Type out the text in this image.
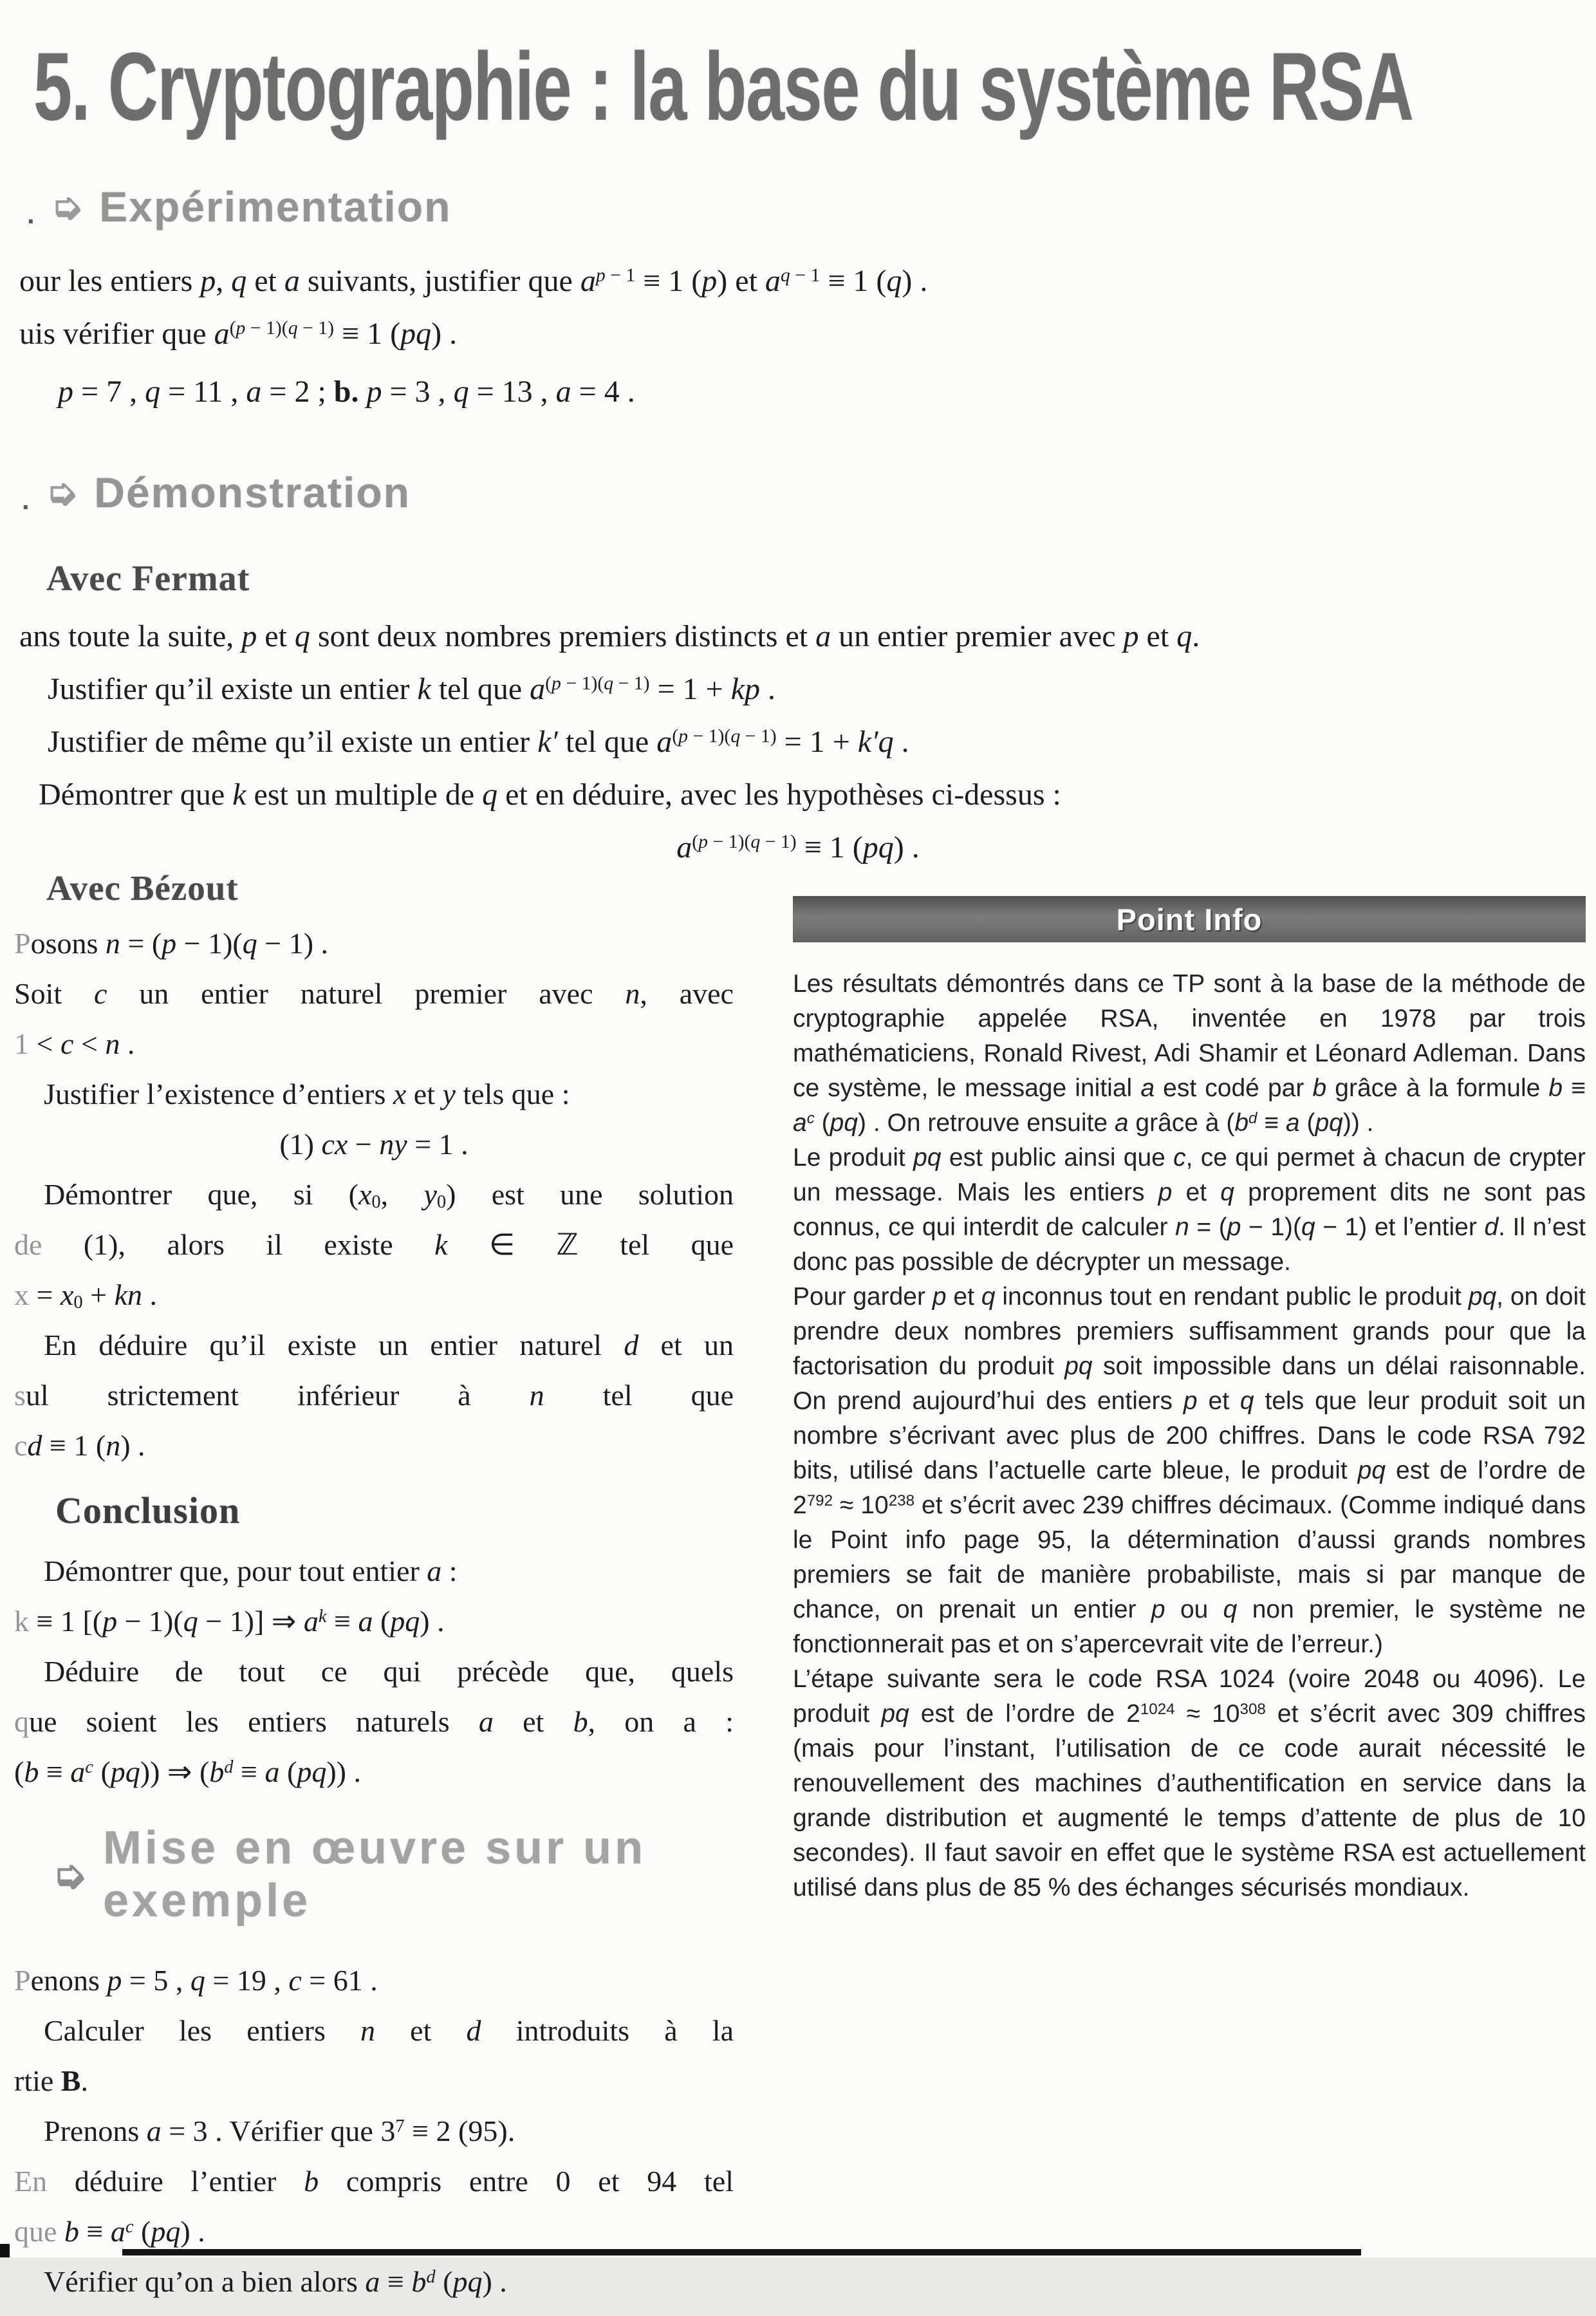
5. Cryptographie : la base du système RSA
. ➭ Expérimentation

our les entiers p, q et a suivants, justifier que $a^{p - 1} \equiv 1$ (p) et $a^{q - 1} \equiv 1$ (q) .

uis vérifier que $a^{(p - 1)(q - 1)} \equiv 1$ (pq) .

p = 7 , q = 11 , a = 2 ; b. p = 3 , q = 13 , a = 4 .

. ➭ Démonstration
Avec Fermat

ans toute la suite, p et q sont deux nombres premiers distincts et a un entier premier avec p et q.

Justifier qu’il existe un entier k tel que $a^{(p - 1)(q - 1)} = 1$ + kp .

Justifier de même qu’il existe un entier k′ tel que $a^{(p - 1)(q - 1)} = 1 + k'q$ .

Démontrer que k est un multiple de q et en déduire, avec les hypothèses ci-dessus :

$a^{(p - 1)(q - 1)} \equiv 1$ (pq) .

Avec Bézout

Posons n = (p − 1)(q − 1) .

Soit c un entier naturel premier avec n, avec

1 < c < n .

Justifier l’existence d’entiers x et y tels que :

(1) cx − ny = 1 .

Démontrer que, si ($x_0$, $y_0$) est une solution

de (1), alors il existe k ∈ ℤ tel que

$x = x_0$ + kn .

En déduire qu’il existe un entier naturel d et un

sul strictement inférieur à n tel que

cd ≡ 1 (n) .

Conclusion

Démontrer que, pour tout entier a :

k ≡ 1 [(p − 1)(q − 1)] ⇒ $a^k \equiv a$ (pq) .

Déduire de tout ce qui précède que, quels

que soient les entiers naturels a et b, on a :

($b \equiv a^c$ (pq)) ⇒ ($b^d \equiv a$ (pq)) .

➭
Mise en œuvre sur un exemple

Penons p = 5 , q = 19 , c = 61 .

Calculer les entiers n et d introduits à la

rtie B.

Prenons a = 3 . Vérifier que $3^7 \equiv 2$ (95).

En déduire l’entier b compris entre 0 et 94 tel

que $b \equiv a^c$ (pq) .

Vérifier qu’on a bien alors $a \equiv b^d$ (pq) .

Point Info

Les résultats démontrés dans ce TP sont à la base de la méthode de cryptographie appelée RSA, inventée en 1978 par trois mathématiciens, Ronald Rivest, Adi Shamir et Léonard Adleman. Dans ce système, le message initial a est codé par b grâce à la formule $b \equiv a^c$ (pq) . On retrouve ensuite a grâce à ($b^d \equiv a$ (pq)) .

Le produit pq est public ainsi que c, ce qui permet à chacun de crypter un message. Mais les entiers p et q proprement dits ne sont pas connus, ce qui interdit de calculer n = (p − 1)(q − 1) et l’entier d. Il n’est donc pas possible de décrypter un message.

Pour garder p et q inconnus tout en rendant public le produit pq, on doit prendre deux nombres premiers suffisamment grands pour que la factorisation du produit pq soit impossible dans un délai raisonnable. On prend aujourd’hui des entiers p et q tels que leur produit soit un nombre s’écrivant avec plus de 200 chiffres. Dans le code RSA 792 bits, utilisé dans l’actuelle carte bleue, le produit pq est de l’ordre de $2^{792} \approx 10^{238}$ et s’écrit avec 239 chiffres décimaux. (Comme indiqué dans le Point info page 95, la détermination d’aussi grands nombres premiers se fait de manière probabiliste, mais si par manque de chance, on prenait un entier p ou q non premier, le système ne fonctionnerait pas et on s’apercevrait vite de l’erreur.)

L’étape suivante sera le code RSA 1024 (voire 2048 ou 4096). Le produit pq est de l’ordre de $2^{1024} \approx 10^{308}$ et s’écrit avec 309 chiffres (mais pour l’instant, l’utilisation de ce code aurait nécessité le renouvellement des machines d’authentification en service dans la grande distribution et augmenté le temps d’attente de plus de 10 secondes). Il faut savoir en effet que le système RSA est actuellement utilisé dans plus de 85 % des échanges sécurisés mondiaux.
